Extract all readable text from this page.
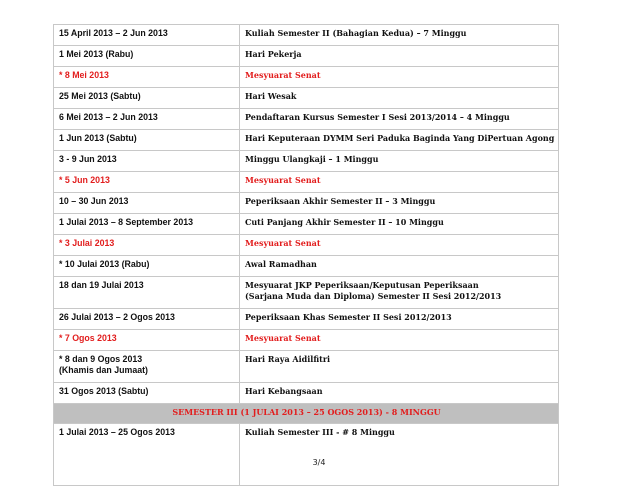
15 April 2013 – 2 Jun 2013	Kuliah Semester II (Bahagian Kedua) – 7 Minggu
1 Mei 2013 (Rabu)	Hari Pekerja
* 8 Mei 2013	Mesyuarat Senat
25 Mei 2013 (Sabtu)	Hari Wesak
6 Mei 2013 – 2 Jun 2013	Pendaftaran Kursus Semester I Sesi 2013/2014 – 4 Minggu
1 Jun 2013 (Sabtu)	Hari Keputeraan DYMM Seri Paduka Baginda Yang DiPertuan Agong
3 - 9 Jun 2013	Minggu Ulangkaji – 1 Minggu
* 5 Jun 2013	Mesyuarat Senat
10 – 30 Jun 2013	Peperiksaan Akhir Semester II – 3 Minggu
1 Julai 2013 – 8 September 2013	Cuti Panjang Akhir Semester II – 10 Minggu
* 3 Julai 2013	Mesyuarat Senat
* 10 Julai 2013 (Rabu)	Awal Ramadhan
18 dan 19 Julai 2013	Mesyuarat JKP Peperiksaan/Keputusan Peperiksaan
(Sarjana Muda dan Diploma) Semester II Sesi 2012/2013

26 Julai 2013 – 2 Ogos 2013	Peperiksaan Khas Semester II Sesi 2012/2013
* 7 Ogos 2013	Mesyuarat Senat

* 8 dan 9 Ogos 2013
(Khamis dan Jumaat)	Hari Raya Aidilfitri
31 Ogos 2013 (Sabtu)	Hari Kebangsaan
SEMESTER III (1 JULAI 2013 – 25 OGOS 2013) - 8 MINGGU	
1 Julai 2013 – 25 Ogos 2013	Kuliah Semester III - # 8 Minggu
3/4
